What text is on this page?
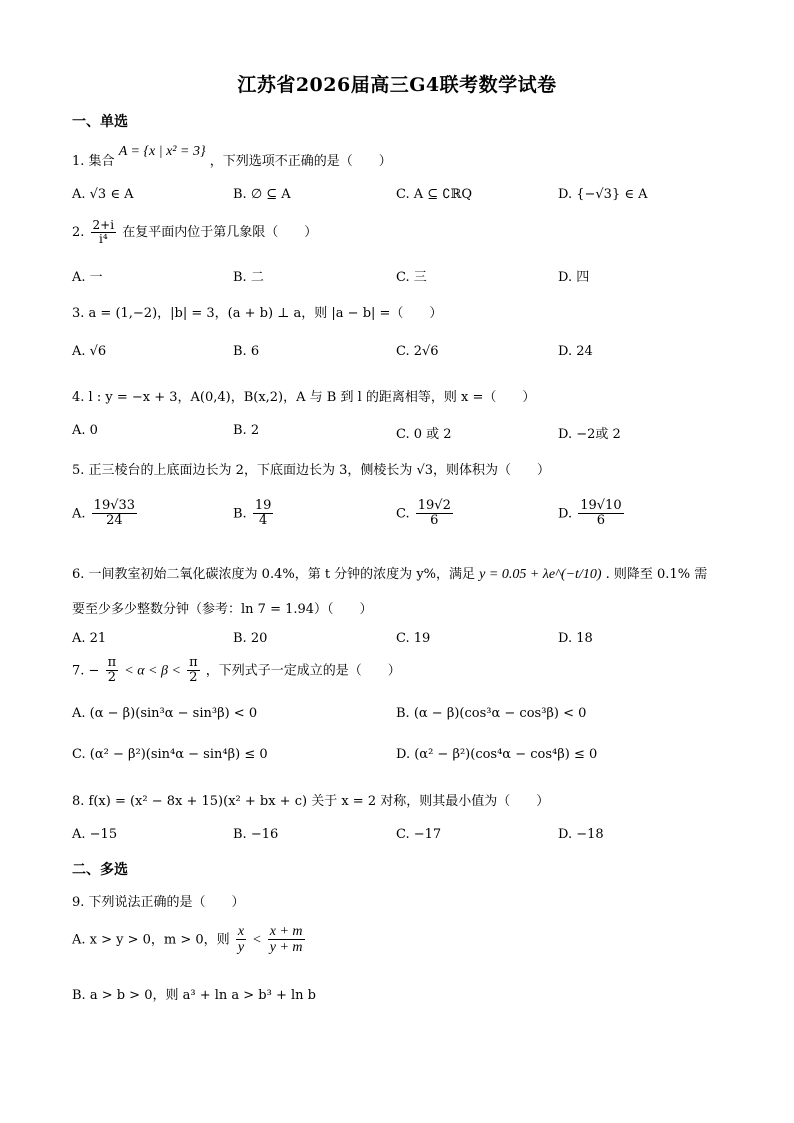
江苏省2026届高三G4联考数学试卷
一、单选
1. 集合 A = {x | x² = 3} ，下列选项不正确的是（　　）
A. √3 ∈ A	B. ∅ ⊆ A	C. A ⊆ ∁ℝQ	D. {−√3} ∈ A
2. $\frac{2+i}{\text{i⁴}}$ 在复平面内位于第几象限（　　）
A. 一	B. 二	C. 三	D. 四
3. a = (1,−2)，|b| = 3，(a + b) ⊥ a，则 |a − b| =（　　）
A. √6	B. 6	C. 2√6	D. 24
4. l : y = −x + 3，A(0,4)，B(x,2)，A 与 B 到 l 的距离相等，则 x =（　　）
A. 0	B. 2	C. 0 或 2	D. −2或 2
5. 正三棱台的上底面边长为 2，下底面边长为 3，侧棱长为 √3，则体积为（　　）
A. $\frac{19√33}{24}$	B. $\frac{19}{4}$	C. $\frac{19√2}{6}$	D. $\frac{19√10}{6}$
6. 一间教室初始二氧化碳浓度为 0.4%，第 t 分钟的浓度为 y%，满足 y = 0.05 + λe^(−t/10) . 则降至 0.1% 需
要至少多少整数分钟（参考：ln 7 = 1.94）（　　）
A. 21	B. 20	C. 19	D. 18
7. − $\frac{\pi}{2} < \alpha < \beta < \frac{\pi}{2}$ ，下列式子一定成立的是（　　）
A. (α − β)(sin³α − sin³β) < 0	B. (α − β)(cos³α − cos³β) < 0
C. (α² − β²)(sin⁴α − sin⁴β) ≤ 0	D. (α² − β²)(cos⁴α − cos⁴β) ≤ 0
8. f(x) = (x² − 8x + 15)(x² + bx + c) 关于 x = 2 对称，则其最小值为（　　）
A. −15	B. −16	C. −17	D. −18
二、多选
9. 下列说法正确的是（　　）
A. x > y > 0，m > 0，则 $\frac{x}{y} < \frac{x + m}{y + m}$
B. a > b > 0，则 a³ + ln a > b³ + ln b
